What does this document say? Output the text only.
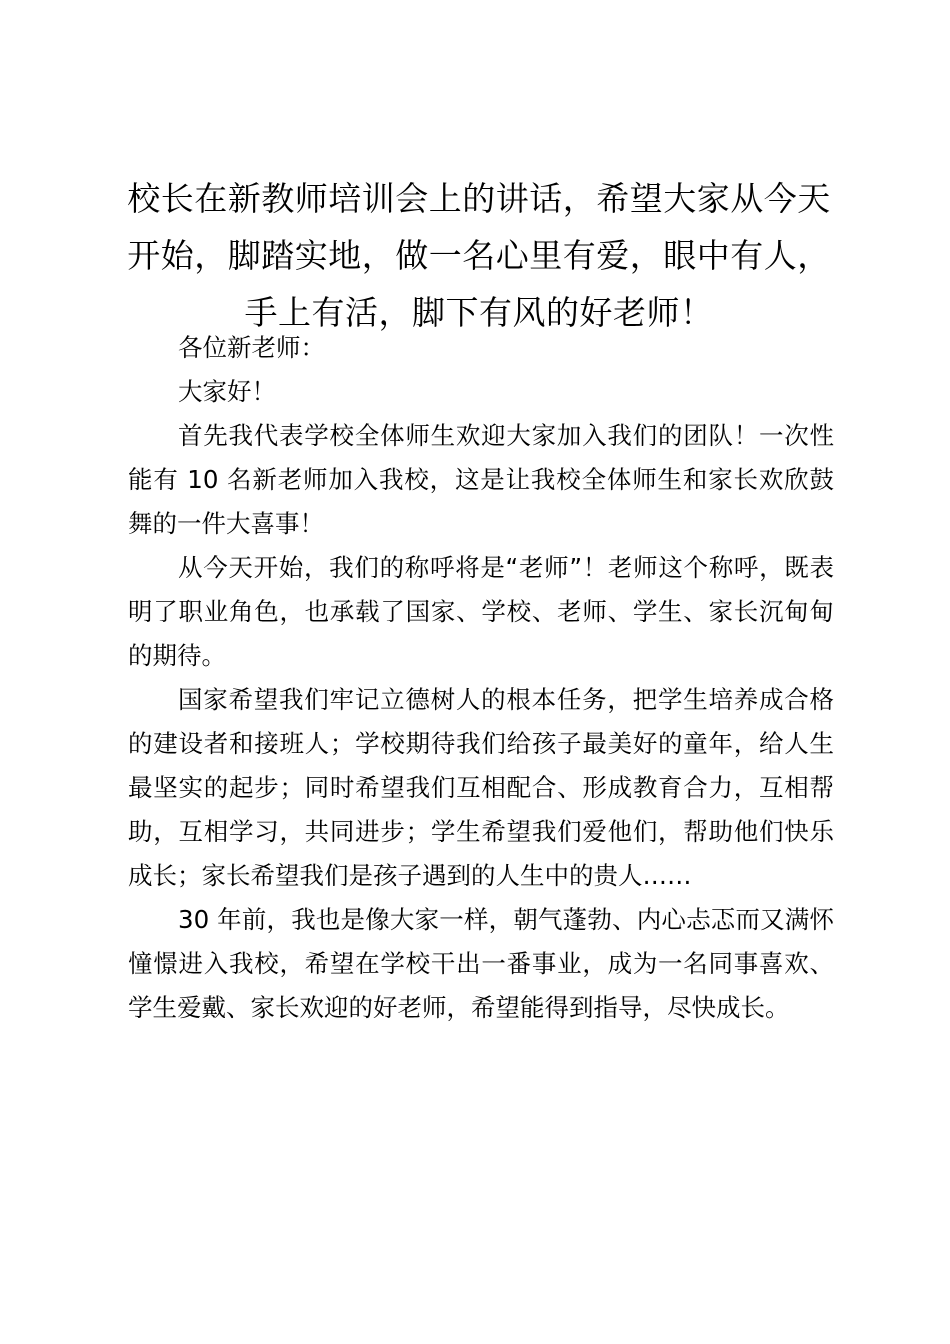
校长在新教师培训会上的讲话，希望大家从今天开始，脚踏实地，做一名心里有爱，眼中有人，手上有活，脚下有风的好老师！

各位新老师：

大家好！

首先我代表学校全体师生欢迎大家加入我们的团队！一次性能有 10 名新老师加入我校，这是让我校全体师生和家长欢欣鼓舞的一件大喜事！

从今天开始，我们的称呼将是“老师”！老师这个称呼，既表明了职业角色，也承载了国家、学校、老师、学生、家长沉甸甸的期待。

国家希望我们牢记立德树人的根本任务，把学生培养成合格的建设者和接班人；学校期待我们给孩子最美好的童年，给人生最坚实的起步；同时希望我们互相配合、形成教育合力，互相帮助，互相学习，共同进步；学生希望我们爱他们，帮助他们快乐成长；家长希望我们是孩子遇到的人生中的贵人……

30 年前，我也是像大家一样，朝气蓬勃、内心忐忑而又满怀憧憬进入我校，希望在学校干出一番事业，成为一名同事喜欢、学生爱戴、家长欢迎的好老师，希望能得到指导，尽快成长。
